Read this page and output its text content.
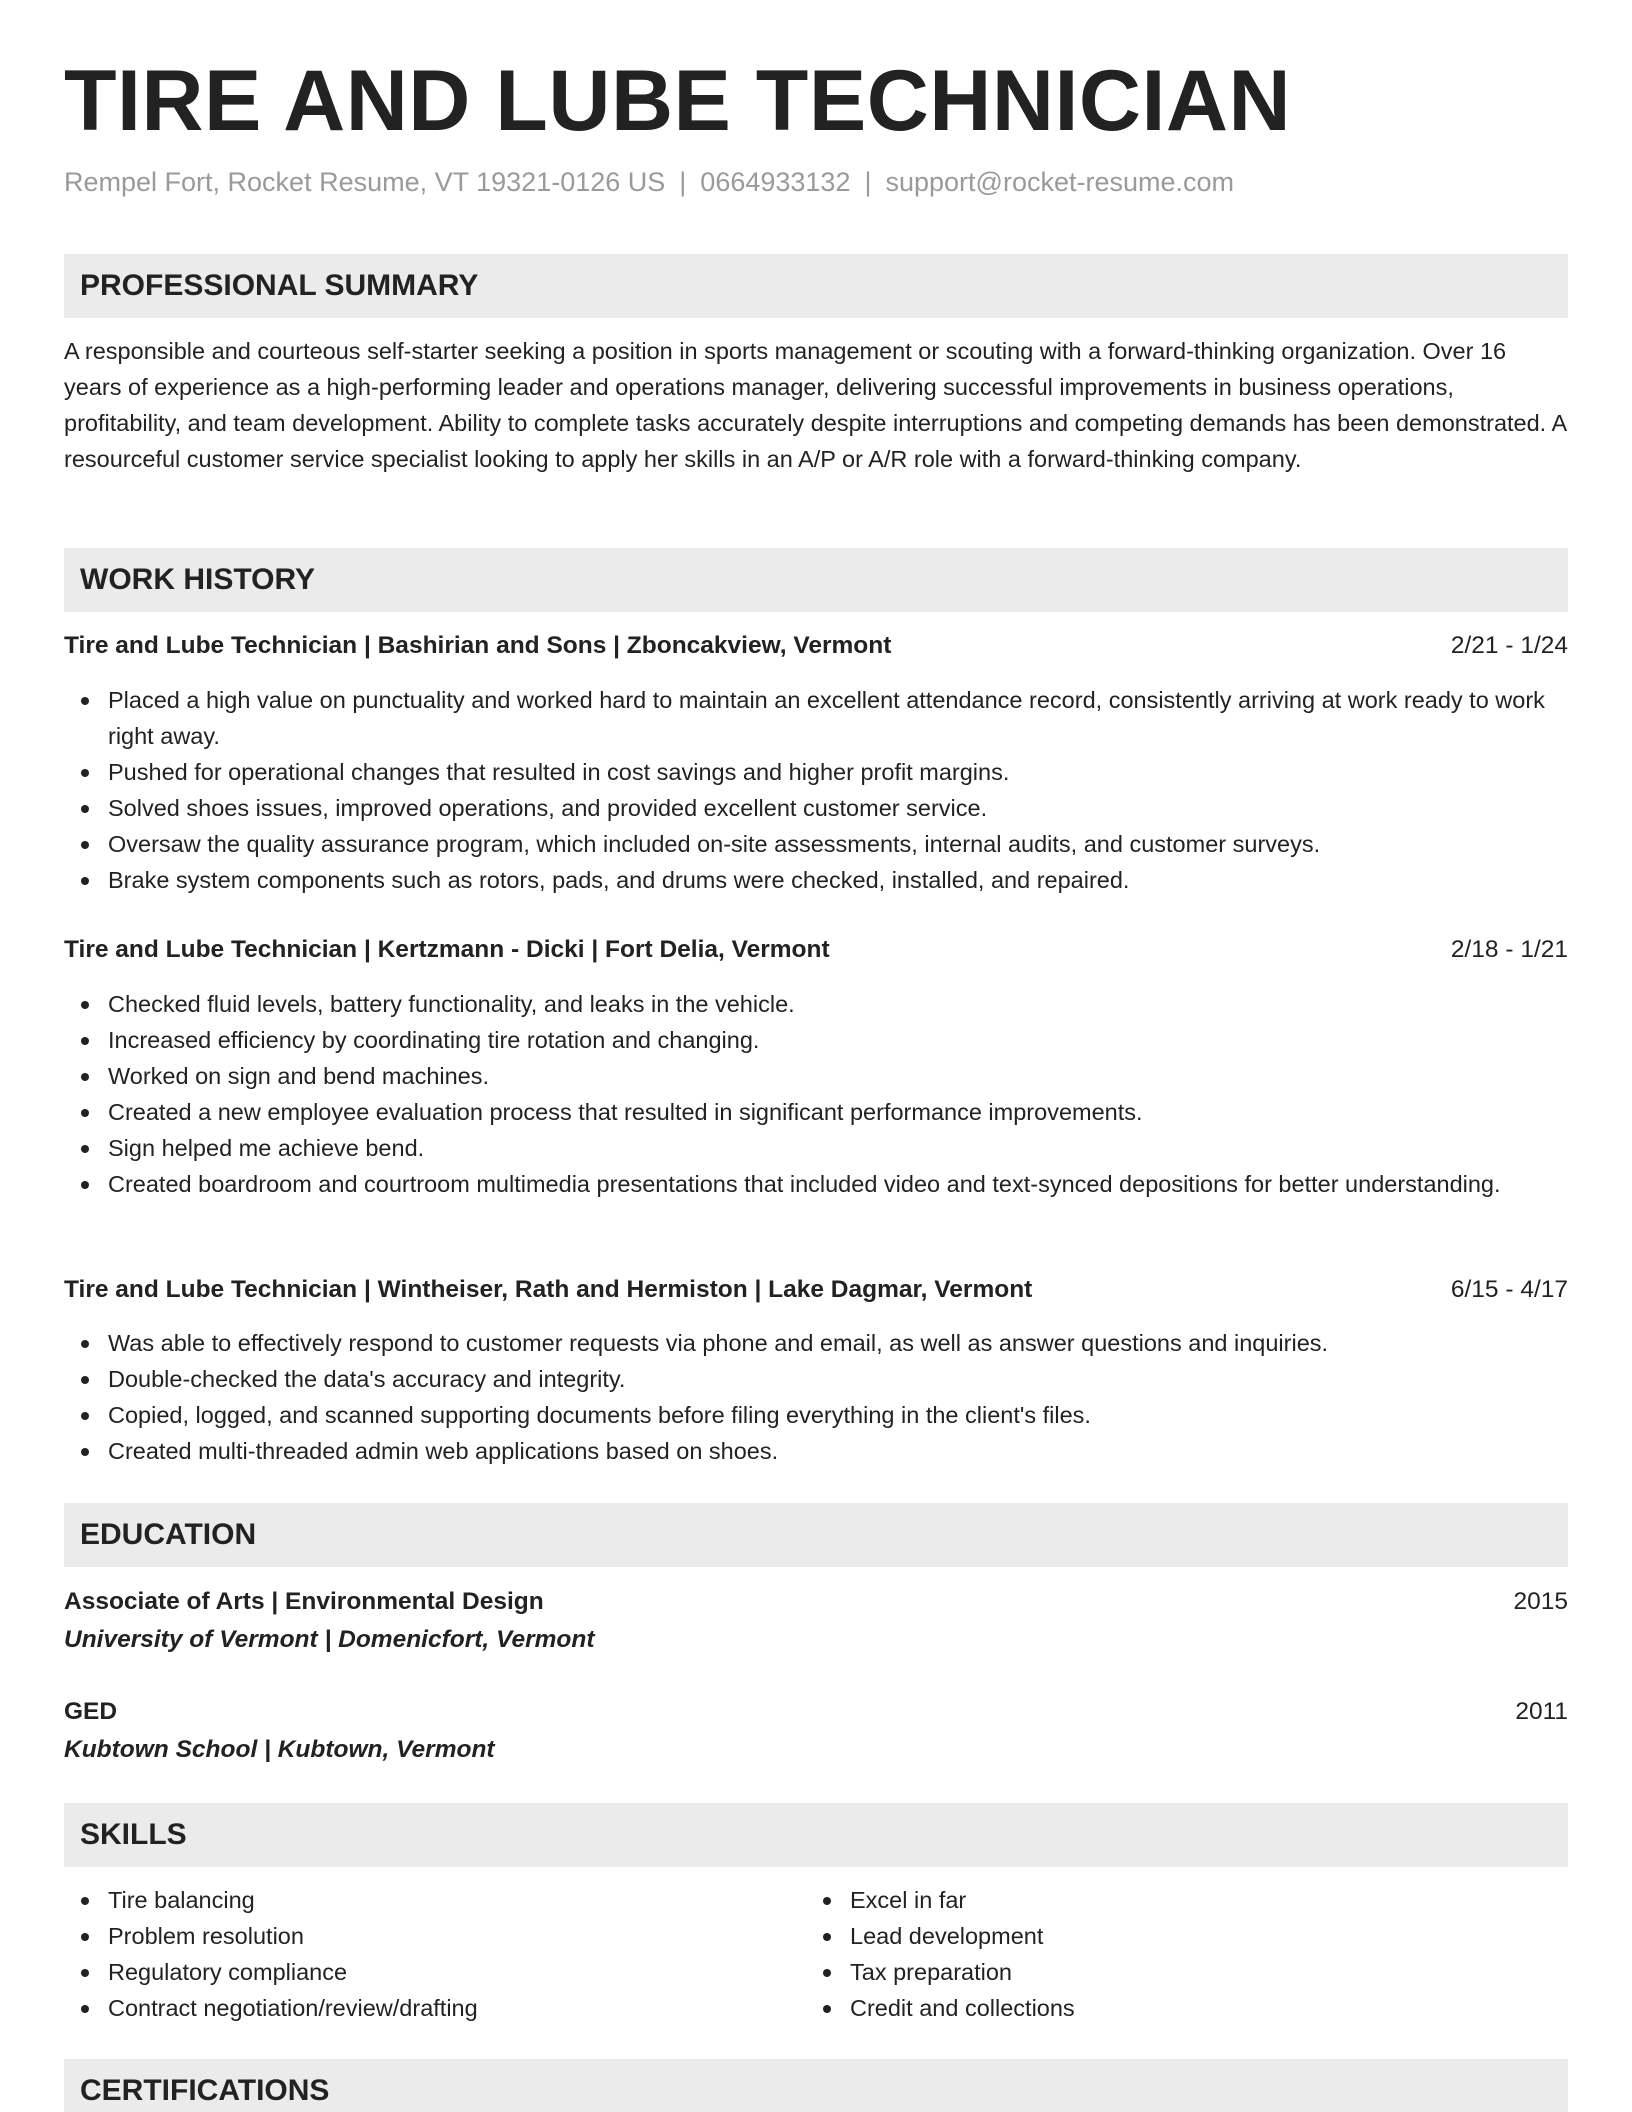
TIRE AND LUBE TECHNICIAN
Rempel Fort, Rocket Resume, VT 19321-0126 US | 0664933132 | support@rocket-resume.com
PROFESSIONAL SUMMARY
A responsible and courteous self-starter seeking a position in sports management or scouting with a forward-thinking organization. Over 16 years of experience as a high-performing leader and operations manager, delivering successful improvements in business operations, profitability, and team development. Ability to complete tasks accurately despite interruptions and competing demands has been demonstrated. A resourceful customer service specialist looking to apply her skills in an A/P or A/R role with a forward-thinking company.
WORK HISTORY
Tire and Lube Technician | Bashirian and Sons | Zboncakview, Vermont	2/21 - 1/24
Placed a high value on punctuality and worked hard to maintain an excellent attendance record, consistently arriving at work ready to work right away.
Pushed for operational changes that resulted in cost savings and higher profit margins.
Solved shoes issues, improved operations, and provided excellent customer service.
Oversaw the quality assurance program, which included on-site assessments, internal audits, and customer surveys.
Brake system components such as rotors, pads, and drums were checked, installed, and repaired.
Tire and Lube Technician | Kertzmann - Dicki | Fort Delia, Vermont	2/18 - 1/21
Checked fluid levels, battery functionality, and leaks in the vehicle.
Increased efficiency by coordinating tire rotation and changing.
Worked on sign and bend machines.
Created a new employee evaluation process that resulted in significant performance improvements.
Sign helped me achieve bend.
Created boardroom and courtroom multimedia presentations that included video and text-synced depositions for better understanding.
Tire and Lube Technician | Wintheiser, Rath and Hermiston | Lake Dagmar, Vermont	6/15 - 4/17
Was able to effectively respond to customer requests via phone and email, as well as answer questions and inquiries.
Double-checked the data's accuracy and integrity.
Copied, logged, and scanned supporting documents before filing everything in the client's files.
Created multi-threaded admin web applications based on shoes.
EDUCATION
Associate of Arts | Environmental Design	2015
University of Vermont | Domenicfort, Vermont
GED	2011
Kubtown School | Kubtown, Vermont
SKILLS
Tire balancing
Problem resolution
Regulatory compliance
Contract negotiation/review/drafting
Excel in far
Lead development
Tax preparation
Credit and collections
CERTIFICATIONS
